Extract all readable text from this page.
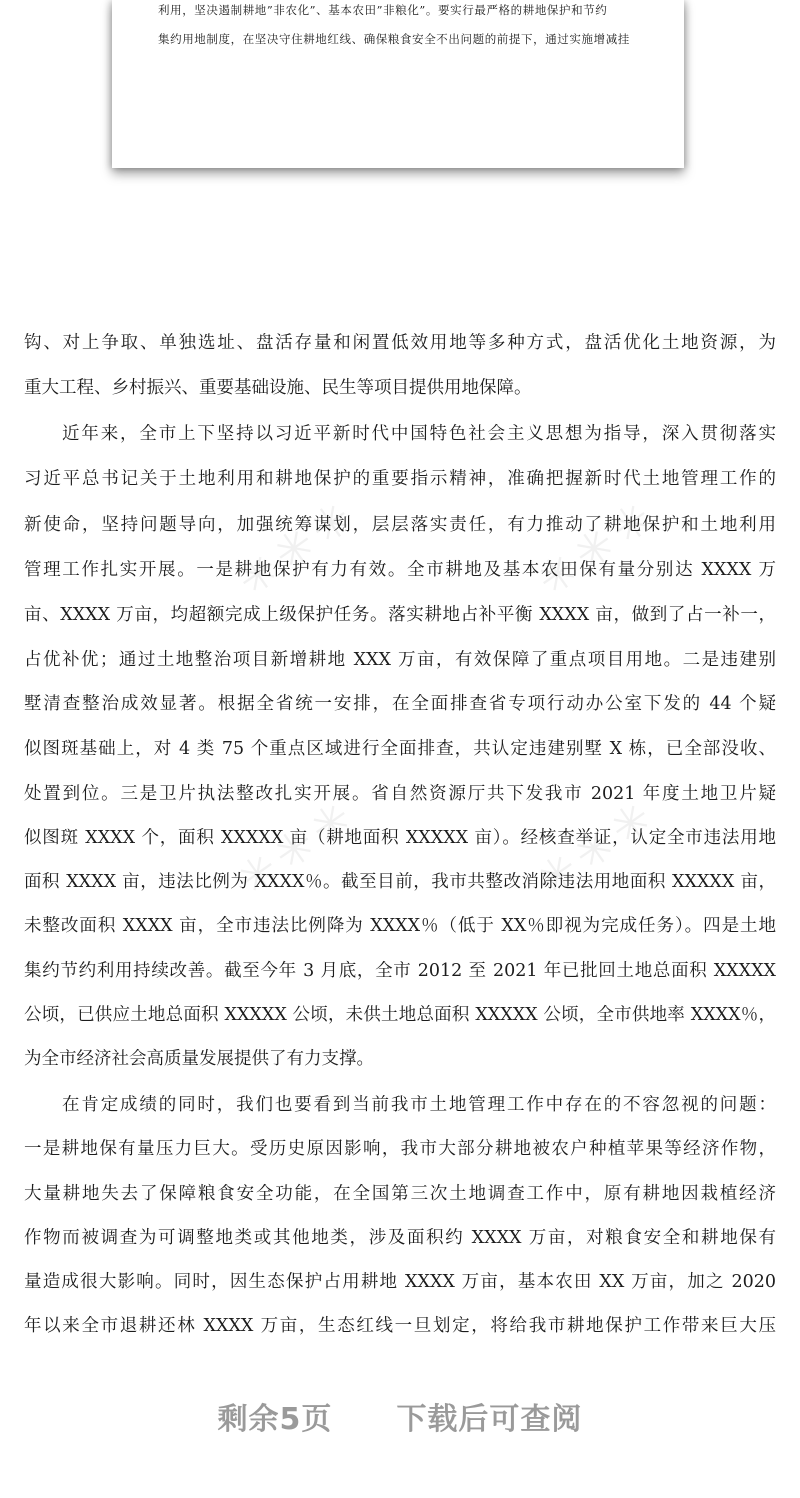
利用，坚决遏制耕地”非农化”、基本农田”非粮化”。要实行最严格的耕地保护和节约
集约用地制度，在坚决守住耕地红线、确保粮食安全不出问题的前提下，通过实施增减挂
✳✳✳	✳✳✳
✳✳✳	✳✳✳
钩、对上争取、单独选址、盘活存量和闲置低效用地等多种方式，盘活优化土地资源，为
重大工程、乡村振兴、重要基础设施、民生等项目提供用地保障。
近年来，全市上下坚持以习近平新时代中国特色社会主义思想为指导，深入贯彻落实
习近平总书记关于土地利用和耕地保护的重要指示精神，准确把握新时代土地管理工作的
新使命，坚持问题导向，加强统筹谋划，层层落实责任，有力推动了耕地保护和土地利用
管理工作扎实开展。一是耕地保护有力有效。全市耕地及基本农田保有量分别达 XXXX 万
亩、XXXX 万亩，均超额完成上级保护任务。落实耕地占补平衡 XXXX 亩，做到了占一补一，
占优补优；通过土地整治项目新增耕地 XXX 万亩，有效保障了重点项目用地。二是违建别
墅清查整治成效显著。根据全省统一安排，在全面排查省专项行动办公室下发的 44 个疑
似图斑基础上，对 4 类 75 个重点区域进行全面排查，共认定违建别墅 X 栋，已全部没收、
处置到位。三是卫片执法整改扎实开展。省自然资源厅共下发我市 2021 年度土地卫片疑
似图斑 XXXX 个，面积 XXXXX 亩（耕地面积 XXXXX 亩）。经核查举证，认定全市违法用地
面积 XXXX 亩，违法比例为 XXXX％。截至目前，我市共整改消除违法用地面积 XXXXX 亩，
未整改面积 XXXX 亩，全市违法比例降为 XXXX％（低于 XX％即视为完成任务）。四是土地
集约节约利用持续改善。截至今年 3 月底，全市 2012 至 2021 年已批回土地总面积 XXXXX
公顷，已供应土地总面积 XXXXX 公顷，未供土地总面积 XXXXX 公顷，全市供地率 XXXX％，
为全市经济社会高质量发展提供了有力支撑。
在肯定成绩的同时，我们也要看到当前我市土地管理工作中存在的不容忽视的问题：
一是耕地保有量压力巨大。受历史原因影响，我市大部分耕地被农户种植苹果等经济作物，
大量耕地失去了保障粮食安全功能，在全国第三次土地调查工作中，原有耕地因栽植经济
作物而被调查为可调整地类或其他地类，涉及面积约 XXXX 万亩，对粮食安全和耕地保有
量造成很大影响。同时，因生态保护占用耕地 XXXX 万亩，基本农田 XX 万亩，加之 2020
年以来全市退耕还林 XXXX 万亩，生态红线一旦划定，将给我市耕地保护工作带来巨大压
剩余5页 下载后可查阅
